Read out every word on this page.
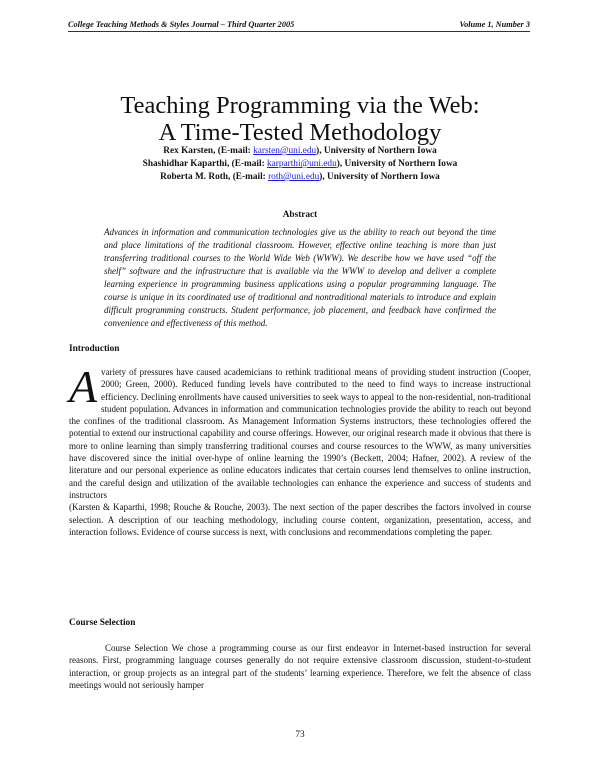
College Teaching Methods & Styles Journal – Third Quarter 2005	Volume 1, Number 3
Teaching Programming via the Web:
A Time-Tested Methodology
Rex Karsten, (E-mail: karsten@uni.edu), University of Northern Iowa
Shashidhar Kaparthi, (E-mail: karparthi@uni.edu), University of Northern Iowa
Roberta M. Roth, (E-mail: roth@uni.edu), University of Northern Iowa
Abstract
Advances in information and communication technologies give us the ability to reach out beyond the time and place limitations of the traditional classroom. However, effective online teaching is more than just transferring traditional courses to the World Wide Web (WWW). We describe how we have used “off the shelf” software and the infrastructure that is available via the WWW to develop and deliver a complete learning experience in programming business applications using a popular programming language. The course is unique in its coordinated use of traditional and nontraditional materials to introduce and explain difficult programming constructs. Student performance, job placement, and feedback have confirmed the convenience and effectiveness of this method.
Introduction

A variety of pressures have caused academicians to rethink traditional means of providing student instruction (Cooper, 2000; Green, 2000). Reduced funding levels have contributed to the need to find ways to increase instructional efficiency. Declining enrollments have caused universities to seek ways to appeal to the non-residential, non-traditional student population. Advances in information and communication technologies provide the ability to reach out beyond the confines of the traditional classroom. As Management Information Systems instructors, these technologies offered the potential to extend our instructional capability and course offerings. However, our original research made it obvious that there is more to online learning than simply transferring traditional courses and course resources to the WWW, as many universities have discovered since the initial over-hype of online learning the 1990’s (Beckett, 2004; Hafner, 2002). A review of the literature and our personal experience as online educators indicates that certain courses lend themselves to online instruction, and the careful design and utilization of the available technologies can enhance the experience and success of students and instructors

(Karsten & Kaparthi, 1998; Rouche & Rouche, 2003). The next section of the paper describes the factors involved in course selection. A description of our teaching methodology, including course content, organization, presentation, access, and interaction follows. Evidence of course success is next, with conclusions and recommendations completing the paper.

Course Selection
Course Selection We chose a programming course as our first endeavor in Internet-based instruction for several reasons. First, programming language courses generally do not require extensive classroom discussion, student-to-student interaction, or group projects as an integral part of the students’ learning experience. Therefore, we felt the absence of class meetings would not seriously hamper
73
